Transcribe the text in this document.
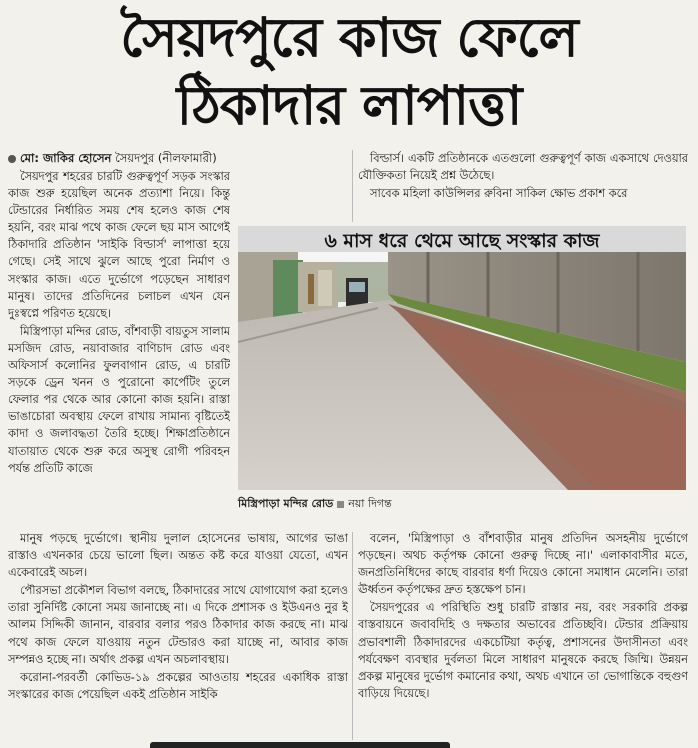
সৈয়দপুরে কাজ ফেলে
ঠিকাদার লাপাত্তা
মো: জাকির হোসেন সৈয়দপুর (নীলফামারী)

সৈয়দপুর শহরের চারটি গুরুত্বপূর্ণ সড়ক সংস্কার কাজ শুরু হয়েছিল অনেক প্রত্যাশা নিয়ে। কিন্তু টেন্ডারের নির্ধারিত সময় শেষ হলেও কাজ শেষ হয়নি, বরং মাঝ পথে কাজ ফেলে ছয় মাস আগেই ঠিকাদারি প্রতিষ্ঠান 'সাইকি বিল্ডার্স' লাপাত্তা হয়ে গেছে। সেই সাথে ঝুলে আছে পুরো নির্মাণ ও সংস্কার কাজ। এতে দুর্ভোগে পড়েছেন সাধারণ মানুষ। তাদের প্রতিদিনের চলাচল এখন যেন দুঃস্বপ্নে পরিণত হয়েছে।

মিস্ত্রিপাড়া মন্দির রোড, বাঁশবাড়ী বায়তুস সালাম মসজিদ রোড, নয়াবাজার বাণিচাদ রোড এবং অফিসার্স কলোনির ফুলবাগান রোড, এ চারটি সড়কে ড্রেন খনন ও পুরোনো কার্পেটিং তুলে ফেলার পর থেকে আর কোনো কাজ হয়নি। রাস্তা ভাঙাচোরা অবস্থায় ফেলে রাখায় সামান্য বৃষ্টিতেই কাদা ও জলাবদ্ধতা তৈরি হচ্ছে। শিক্ষাপ্রতিষ্ঠানে যাতায়াত থেকে শুরু করে অসুস্থ রোগী পরিবহন পর্যন্ত প্রতিটি কাজে

বিল্ডার্স। একটি প্রতিষ্ঠানকে এতগুলো গুরুত্বপূর্ণ কাজ একসাথে দেওয়ার যৌক্তিকতা নিয়েই প্রশ্ন উঠেছে।

সাবেক মহিলা কাউন্সিলর রুবিনা সাকিল ক্ষোভ প্রকাশ করে

৬ মাস ধরে থেমে আছে সংস্কার কাজ
মিস্ত্রিপাড়া মন্দির রোড নয়া দিগন্ত

মানুষ পড়ছে দুর্ভোগে। স্থানীয় দুলাল হোসেনের ভাষায়, আগের ভাঙা রাস্তাও এখনকার চেয়ে ভালো ছিল। অন্তত কষ্ট করে যাওয়া যেতো, এখন একেবারেই অচল।

পৌরসভা প্রকৌশল বিভাগ বলছে, ঠিকাদারের সাথে যোগাযোগ করা হলেও তারা সুনির্দিষ্ট কোনো সময় জানাচ্ছে না। এ দিকে প্রশাসক ও ইউএনও নুর ই আলম সিদ্দিকী জানান, বারবার বলার পরও ঠিকাদার কাজ করছে না। মাঝ পথে কাজ ফেলে যাওয়ায় নতুন টেন্ডারও করা যাচ্ছে না, আবার কাজ সম্পন্নও হচ্ছে না। অর্থাৎ প্রকল্প এখন অচলাবস্থায়।

করোনা-পরবর্তী কোভিড-১৯ প্রকল্পের আওতায় শহরের একাধিক রাস্তা সংস্কারের কাজ পেয়েছিল একই প্রতিষ্ঠান সাইকি

বলেন, 'মিস্ত্রিপাড়া ও বাঁশবাড়ীর মানুষ প্রতিদিন অসহনীয় দুর্ভোগে পড়ছেন। অথচ কর্তৃপক্ষ কোনো গুরুত্ব দিচ্ছে না।' এলাকাবাসীর মতে, জনপ্রতিনিধিদের কাছে বারবার ধর্ণা দিয়েও কোনো সমাধান মেলেনি। তারা ঊর্ধ্বতন কর্তৃপক্ষের দ্রুত হস্তক্ষেপ চান।

সৈয়দপুরের এ পরিস্থিতি শুধু চারটি রাস্তার নয়, বরং সরকারি প্রকল্প বাস্তবায়নে জবাবদিহি ও দক্ষতার অভাবের প্রতিচ্ছবি। টেন্ডার প্রক্রিয়ায় প্রভাবশালী ঠিকাদারদের একচেটিয়া কর্তৃত্ব, প্রশাসনের উদাসীনতা এবং পর্যবেক্ষণ ব্যবস্থার দুর্বলতা মিলে সাধারণ মানুষকে করছে জিম্মি। উন্নয়ন প্রকল্প মানুষের দুর্ভোগ কমানোর কথা, অথচ এখানে তা ভোগান্তিকে বহুগুণ বাড়িয়ে দিয়েছে।
